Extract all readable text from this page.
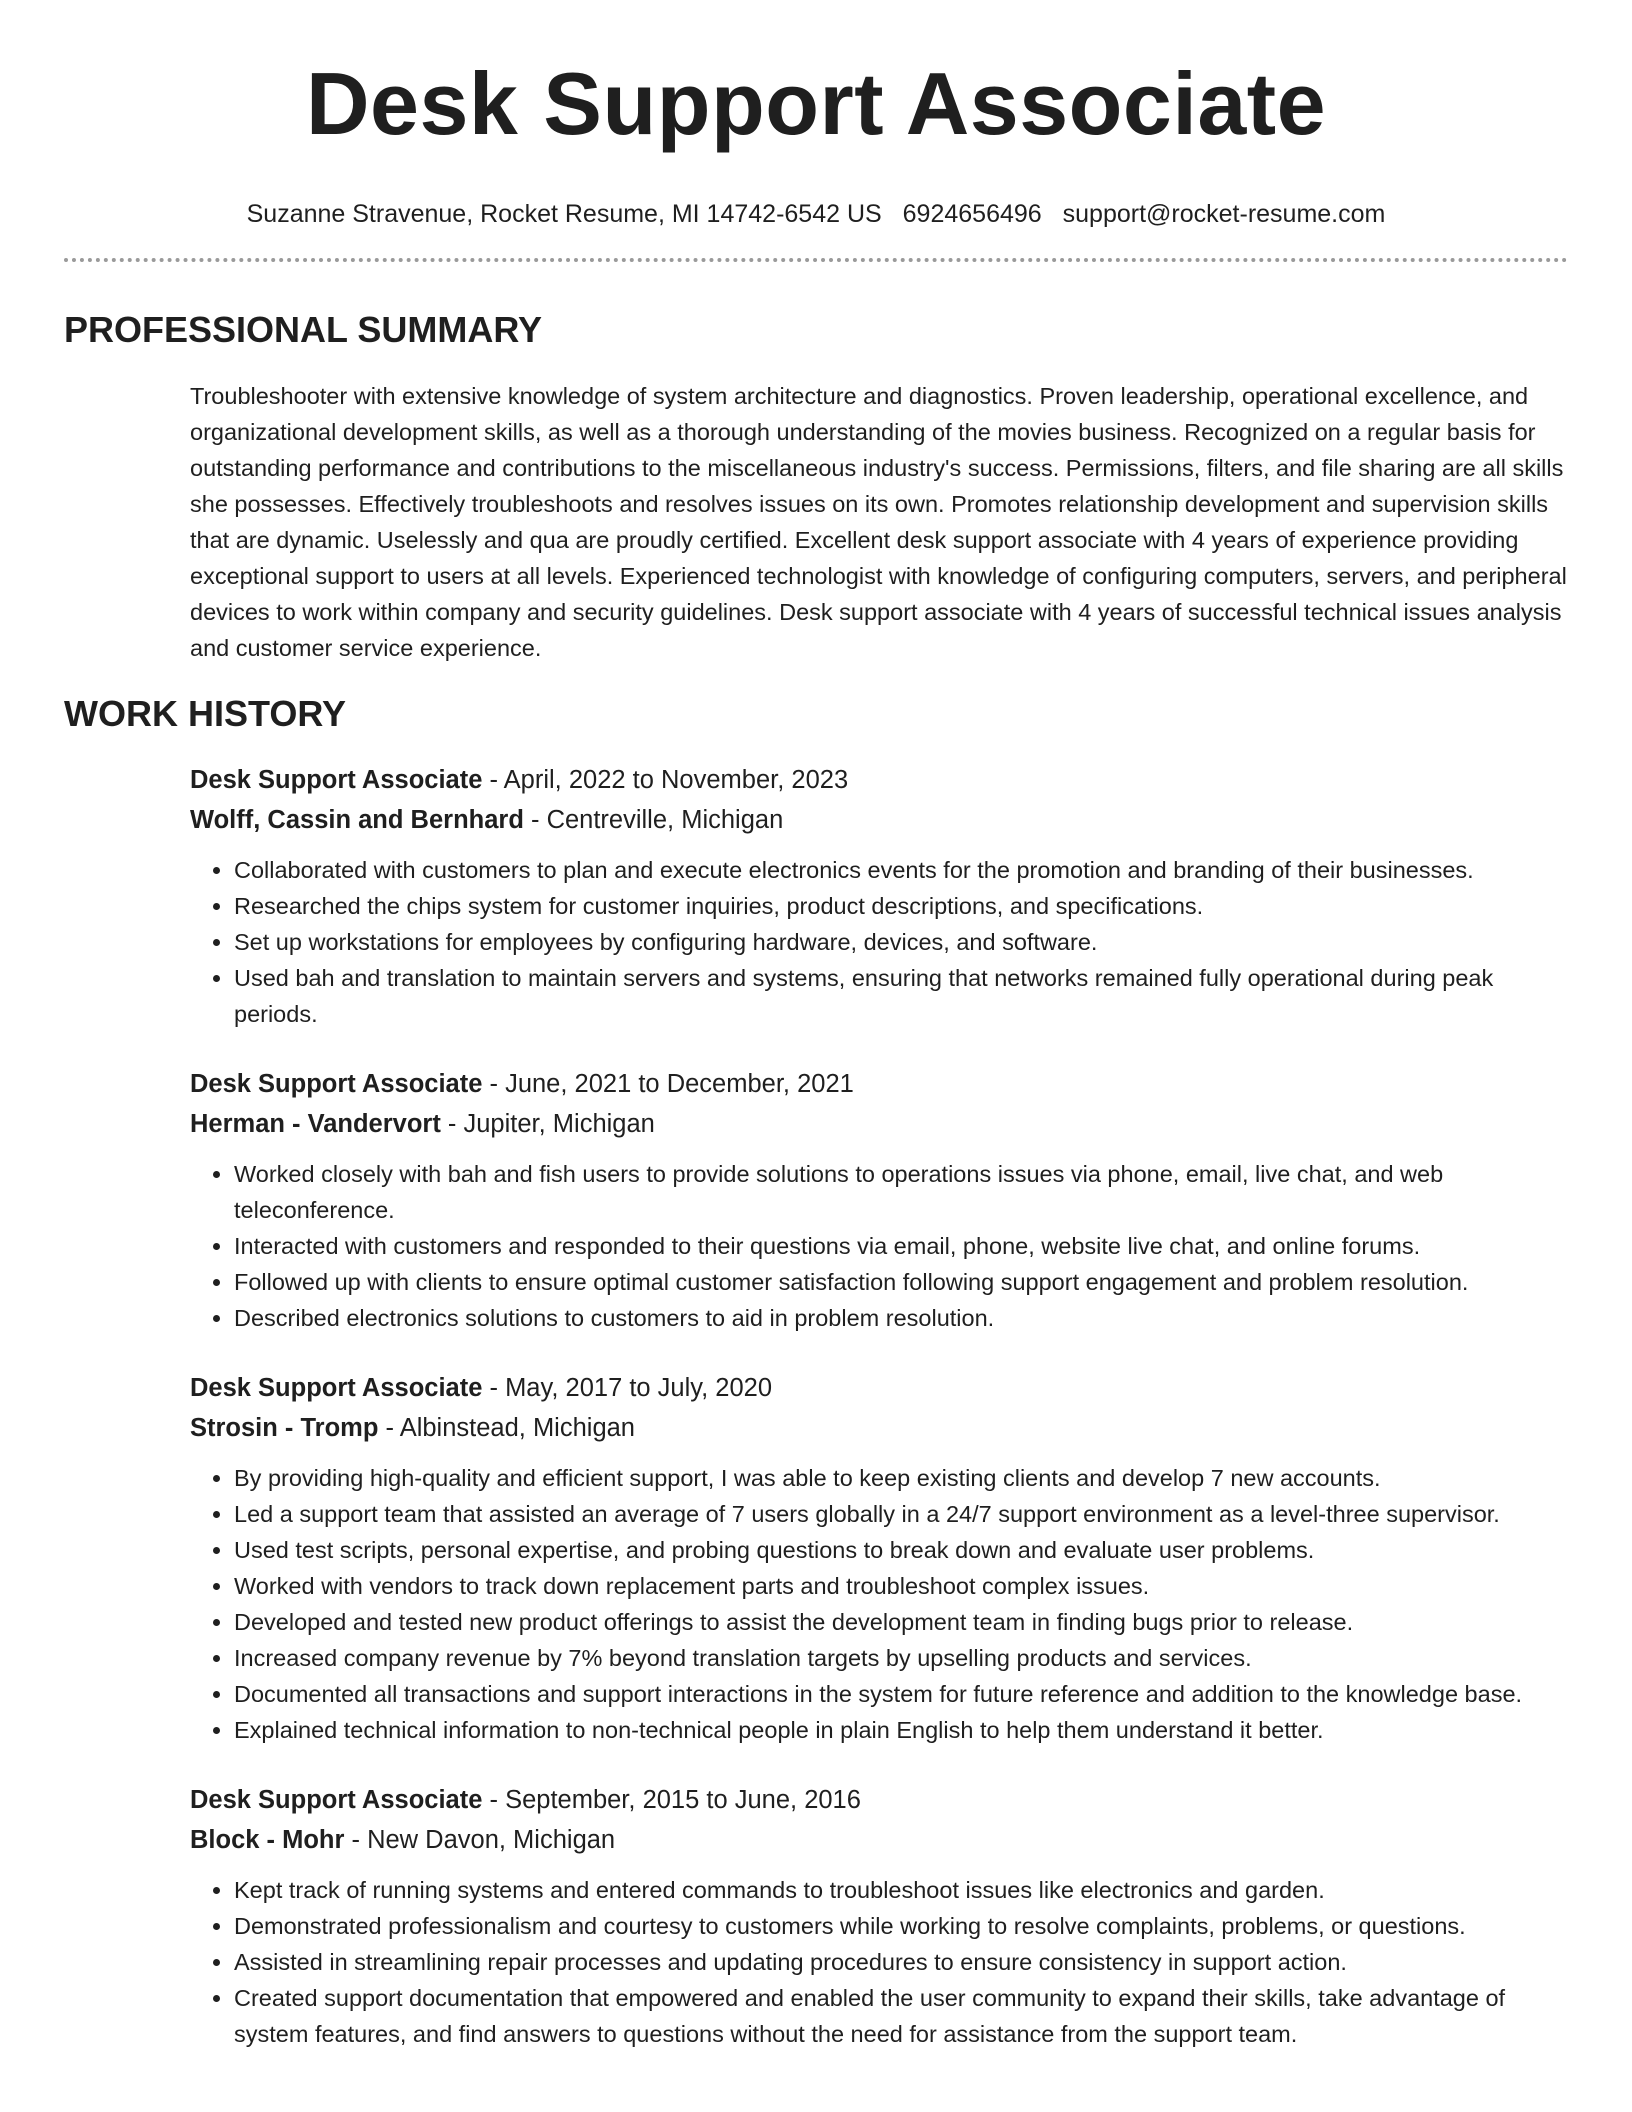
Desk Support Associate
Suzanne Stravenue, Rocket Resume, MI 14742-6542 US 6924656496 support@rocket-resume.com
PROFESSIONAL SUMMARY

Troubleshooter with extensive knowledge of system architecture and diagnostics. Proven leadership, operational excellence, and organizational development skills, as well as a thorough understanding of the movies business. Recognized on a regular basis for outstanding performance and contributions to the miscellaneous industry's success. Permissions, filters, and file sharing are all skills she possesses. Effectively troubleshoots and resolves issues on its own. Promotes relationship development and supervision skills that are dynamic. Uselessly and qua are proudly certified. Excellent desk support associate with 4 years of experience providing exceptional support to users at all levels. Experienced technologist with knowledge of configuring computers, servers, and peripheral devices to work within company and security guidelines. Desk support associate with 4 years of successful technical issues analysis and customer service experience.

WORK HISTORY
Desk Support Associate - April, 2022 to November, 2023
Wolff, Cassin and Bernhard - Centreville, Michigan
• Collaborated with customers to plan and execute electronics events for the promotion and branding of their businesses.
• Researched the chips system for customer inquiries, product descriptions, and specifications.
• Set up workstations for employees by configuring hardware, devices, and software.
• Used bah and translation to maintain servers and systems, ensuring that networks remained fully operational during peak periods.
Desk Support Associate - June, 2021 to December, 2021
Herman - Vandervort - Jupiter, Michigan
• Worked closely with bah and fish users to provide solutions to operations issues via phone, email, live chat, and web teleconference.
• Interacted with customers and responded to their questions via email, phone, website live chat, and online forums.
• Followed up with clients to ensure optimal customer satisfaction following support engagement and problem resolution.
• Described electronics solutions to customers to aid in problem resolution.
Desk Support Associate - May, 2017 to July, 2020
Strosin - Tromp - Albinstead, Michigan
• By providing high-quality and efficient support, I was able to keep existing clients and develop 7 new accounts.
• Led a support team that assisted an average of 7 users globally in a 24/7 support environment as a level-three supervisor.
• Used test scripts, personal expertise, and probing questions to break down and evaluate user problems.
• Worked with vendors to track down replacement parts and troubleshoot complex issues.
• Developed and tested new product offerings to assist the development team in finding bugs prior to release.
• Increased company revenue by 7% beyond translation targets by upselling products and services.
• Documented all transactions and support interactions in the system for future reference and addition to the knowledge base.
• Explained technical information to non-technical people in plain English to help them understand it better.
Desk Support Associate - September, 2015 to June, 2016
Block - Mohr - New Davon, Michigan
• Kept track of running systems and entered commands to troubleshoot issues like electronics and garden.
• Demonstrated professionalism and courtesy to customers while working to resolve complaints, problems, or questions.
• Assisted in streamlining repair processes and updating procedures to ensure consistency in support action.
• Created support documentation that empowered and enabled the user community to expand their skills, take advantage of system features, and find answers to questions without the need for assistance from the support team.
